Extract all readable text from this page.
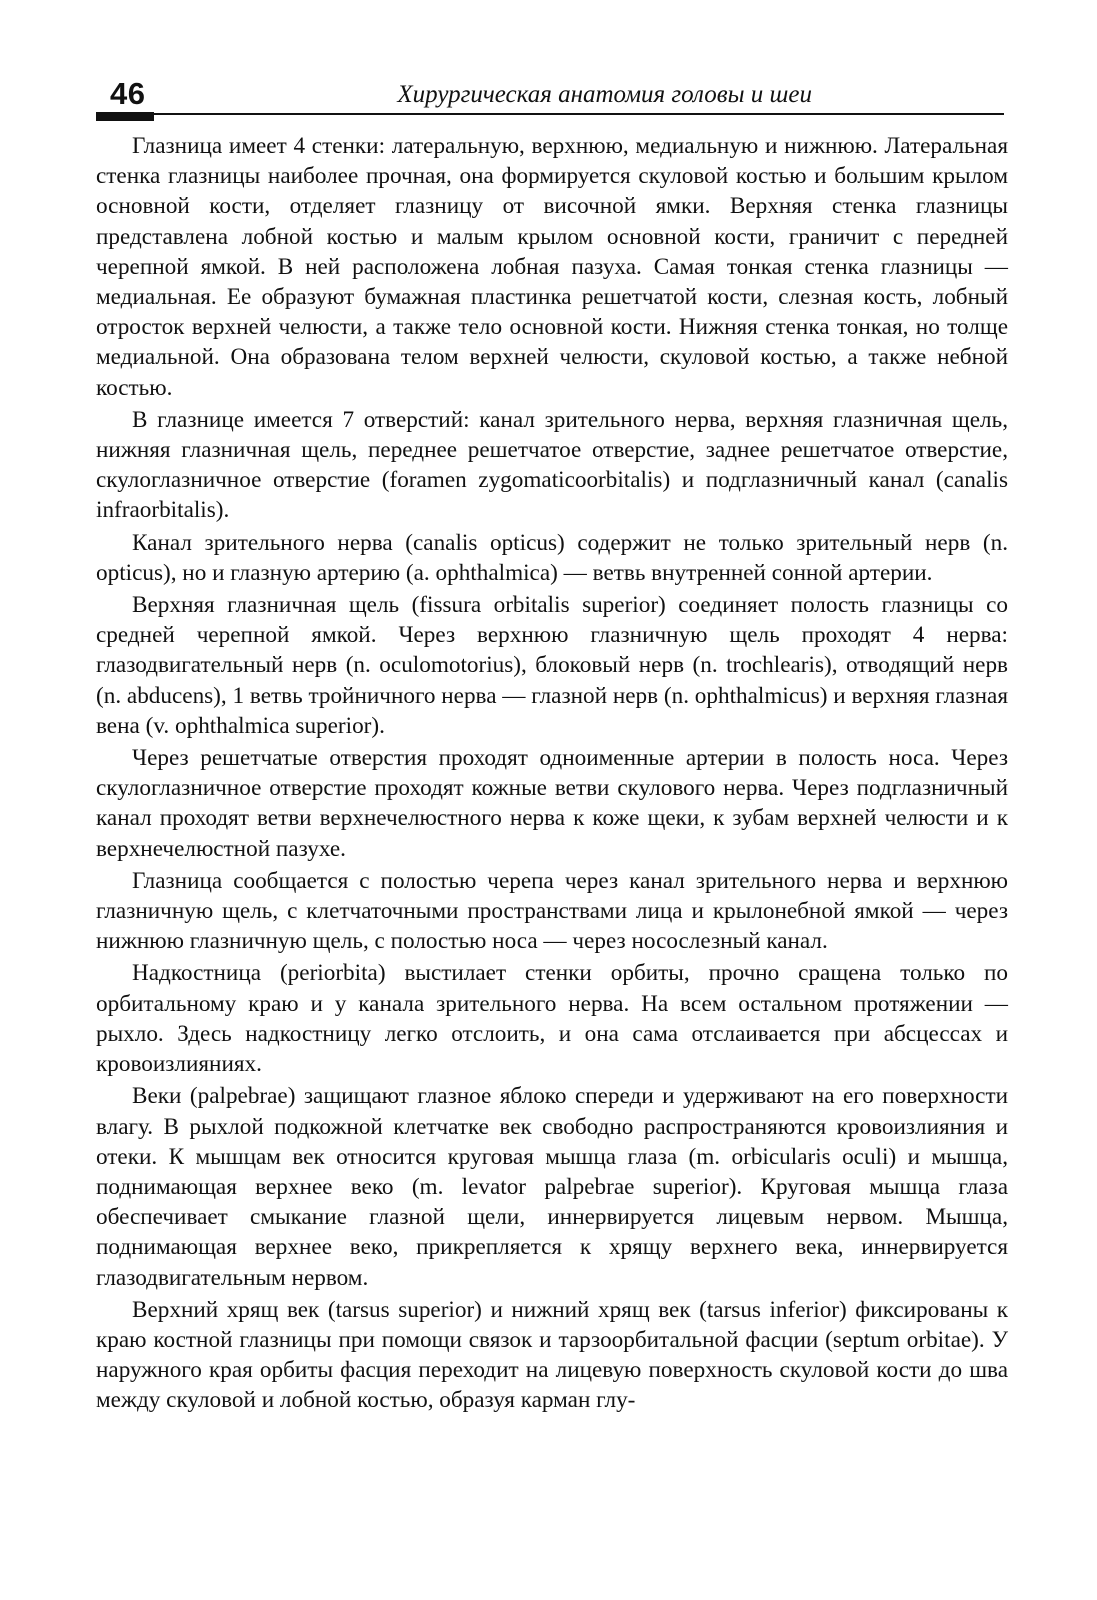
46	Хирургическая анатомия головы и шеи

Глазница имеет 4 стенки: латеральную, верхнюю, медиальную и нижнюю. Латеральная стенка глазницы наиболее прочная, она формируется скуловой костью и большим крылом основной кости, отделяет глазницу от височной ямки. Верхняя стенка глазницы представлена лобной костью и малым крылом основной кости, граничит с передней черепной ямкой. В ней расположена лобная пазуха. Самая тонкая стенка глазницы — медиальная. Ее образуют бумажная пластинка решетчатой кости, слезная кость, лобный отросток верхней челюсти, а также тело основной кости. Нижняя стенка тонкая, но толще медиальной. Она образована телом верхней челюсти, скуловой костью, а также небной костью.

В глазнице имеется 7 отверстий: канал зрительного нерва, верхняя глазничная щель, нижняя глазничная щель, переднее решетчатое отверстие, заднее решетчатое отверстие, скулоглазничное отверстие (foramen zygomaticoorbitalis) и подглазничный канал (canalis infraorbitalis).

Канал зрительного нерва (canalis opticus) содержит не только зрительный нерв (n. opticus), но и глазную артерию (a. ophthalmica) — ветвь внутренней сонной артерии.

Верхняя глазничная щель (fissura orbitalis superior) соединяет полость глазницы со средней черепной ямкой. Через верхнюю глазничную щель проходят 4 нерва: глазодвигательный нерв (n. oculomotorius), блоковый нерв (n. trochlearis), отводящий нерв (n. abducens), 1 ветвь тройничного нерва — глазной нерв (n. ophthalmicus) и верхняя глазная вена (v. ophthalmica superior).

Через решетчатые отверстия проходят одноименные артерии в полость носа. Через скулоглазничное отверстие проходят кожные ветви скулового нерва. Через подглазничный канал проходят ветви верхнечелюстного нерва к коже щеки, к зубам верхней челюсти и к верхнечелюстной пазухе.

Глазница сообщается с полостью черепа через канал зрительного нерва и верхнюю глазничную щель, с клетчаточными пространствами лица и крылонебной ямкой — через нижнюю глазничную щель, с полостью носа — через носослезный канал.

Надкостница (periorbita) выстилает стенки орбиты, прочно сращена только по орбитальному краю и у канала зрительного нерва. На всем остальном протяжении — рыхло. Здесь надкостницу легко отслоить, и она сама отслаивается при абсцессах и кровоизлияниях.

Веки (palpebrae) защищают глазное яблоко спереди и удерживают на его поверхности влагу. В рыхлой подкожной клетчатке век свободно распространяются кровоизлияния и отеки. К мышцам век относится круговая мышца глаза (m. orbicularis oculi) и мышца, поднимающая верхнее веко (m. levator palpebrae superior). Круговая мышца глаза обеспечивает смыкание глазной щели, иннервируется лицевым нервом. Мышца, поднимающая верхнее веко, прикрепляется к хрящу верхнего века, иннервируется глазодвигательным нервом.

Верхний хрящ век (tarsus superior) и нижний хрящ век (tarsus inferior) фиксированы к краю костной глазницы при помощи связок и тарзоорбитальной фасции (septum orbitae). У наружного края орбиты фасция переходит на лицевую поверхность скуловой кости до шва между скуловой и лобной костью, образуя карман глу-
